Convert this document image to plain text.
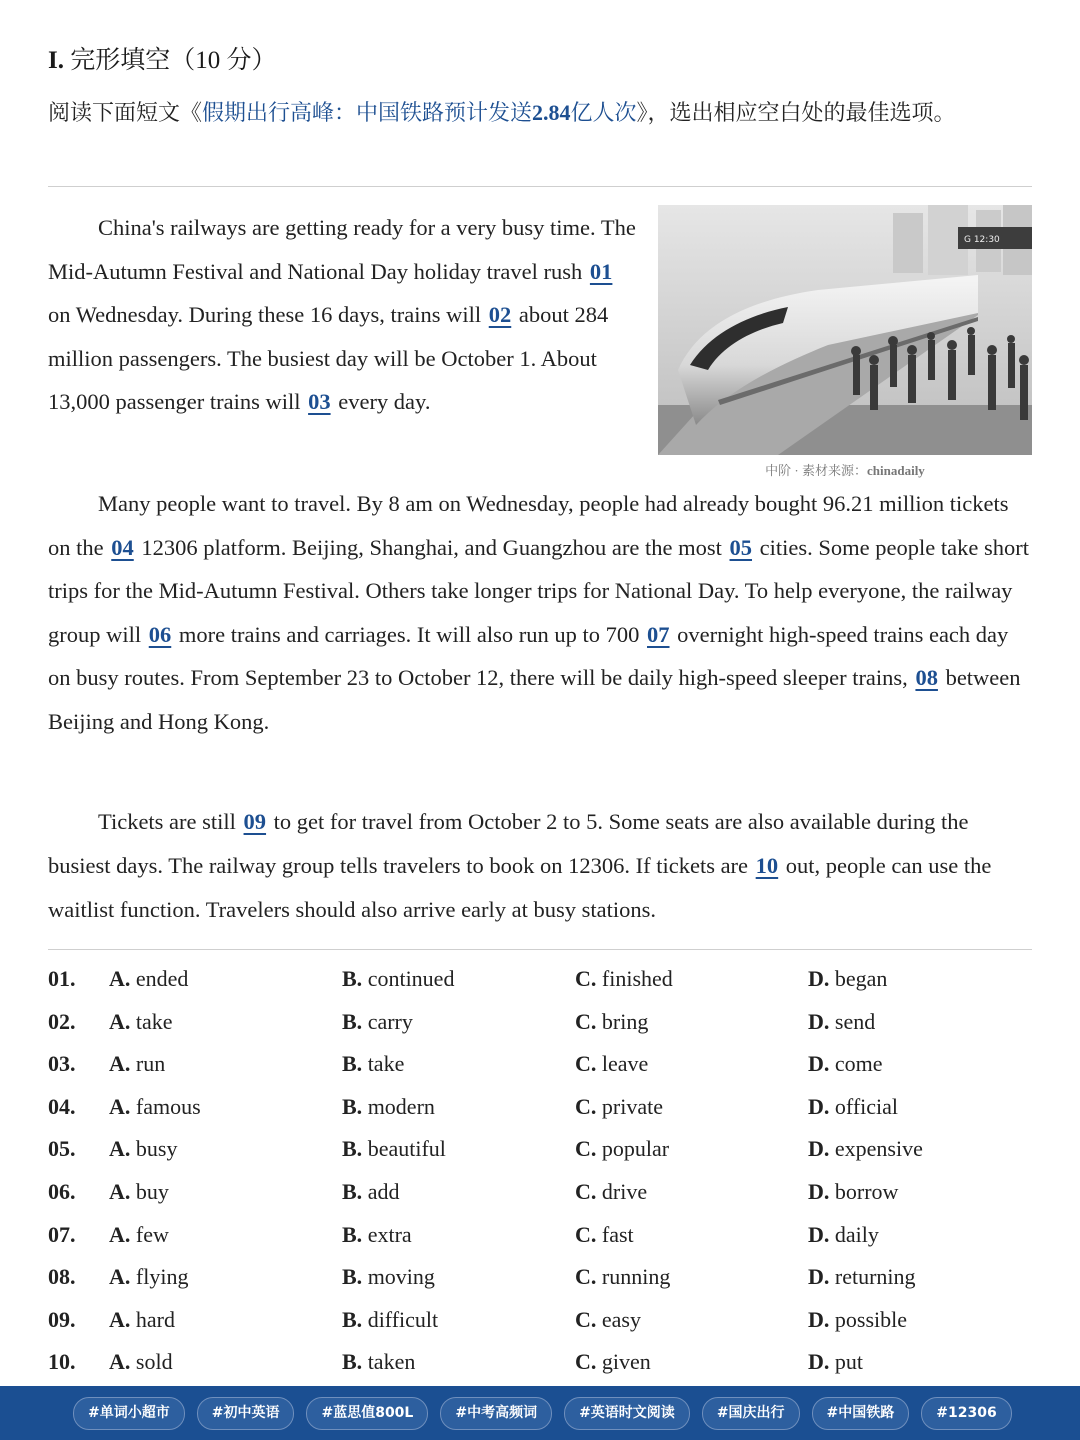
I. 完形填空（10 分）
阅读下面短文《假期出行高峰：中国铁路预计发送2.84亿人次》，选出相应空白处的最佳选项。

China's railways are getting ready for a very busy time. The Mid-Autumn Festival and National Day holiday travel rush 01 on Wednesday. During these 16 days, trains will 02 about 284 million passengers. The busiest day will be October 1. About 13,000 passenger trains will 03 every day.

G 12:30
中阶 · 素材来源：chinadaily

Many people want to travel. By 8 am on Wednesday, people had already bought 96.21 million tickets on the 04 12306 platform. Beijing, Shanghai, and Guangzhou are the most 05 cities. Some people take short trips for the Mid-Autumn Festival. Others take longer trips for National Day. To help everyone, the railway group will 06 more trains and carriages. It will also run up to 700 07 overnight high-speed trains each day on busy routes. From September 23 to October 12, there will be daily high-speed sleeper trains, 08 between Beijing and Hong Kong.

Tickets are still 09 to get for travel from October 2 to 5. Some seats are also available during the busiest days. The railway group tells travelers to book on 12306. If tickets are 10 out, people can use the waitlist function. Travelers should also arrive early at busy stations.

01. A. ended	B. continued	C. finished	D. began
02. A. take	B. carry	C. bring	D. send
03. A. run	B. take	C. leave	D. come
04. A. famous	B. modern	C. private	D. official
05. A. busy	B. beautiful	C. popular	D. expensive
06. A. buy	B. add	C. drive	D. borrow
07. A. few	B. extra	C. fast	D. daily
08. A. flying	B. moving	C. running	D. returning
09. A. hard	B. difficult	C. easy	D. possible
10. A. sold	B. taken	C. given	D. put
#单词小超市	#初中英语	#蓝思值800L	#中考高频词	#英语时文阅读	#国庆出行	#中国铁路	#12306
